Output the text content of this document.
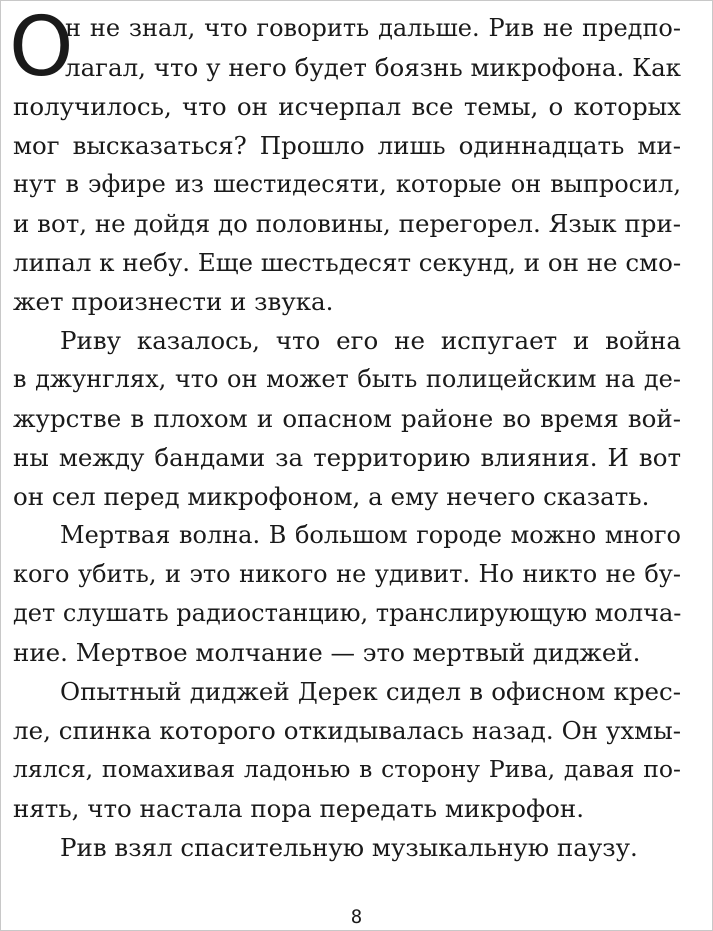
О
н не знал, что говорить дальше. Рив не предпо-
лагал, что у него будет боязнь микрофона. Как
получилось, что он исчерпал все темы, о которых
мог высказаться? Прошло лишь одиннадцать ми-
нут в эфире из шестидесяти, которые он выпросил,
и вот, не дойдя до половины, перегорел. Язык при-
липал к небу. Еще шестьдесят секунд, и он не смо-
жет произнести и звука.
Риву казалось, что его не испугает и война
в джунглях, что он может быть полицейским на де-
журстве в плохом и опасном районе во время вой-
ны между бандами за территорию влияния. И вот
он сел перед микрофоном, а ему нечего сказать.
Мертвая волна. В большом городе можно много
кого убить, и это никого не удивит. Но никто не бу-
дет слушать радиостанцию, транслирующую молча-
ние. Мертвое молчание — это мертвый диджей.
Опытный диджей Дерек сидел в офисном крес-
ле, спинка которого откидывалась назад. Он ухмы-
лялся, помахивая ладонью в сторону Рива, давая по-
нять, что настала пора передать микрофон.
Рив взял спасительную музыкальную паузу.
8
